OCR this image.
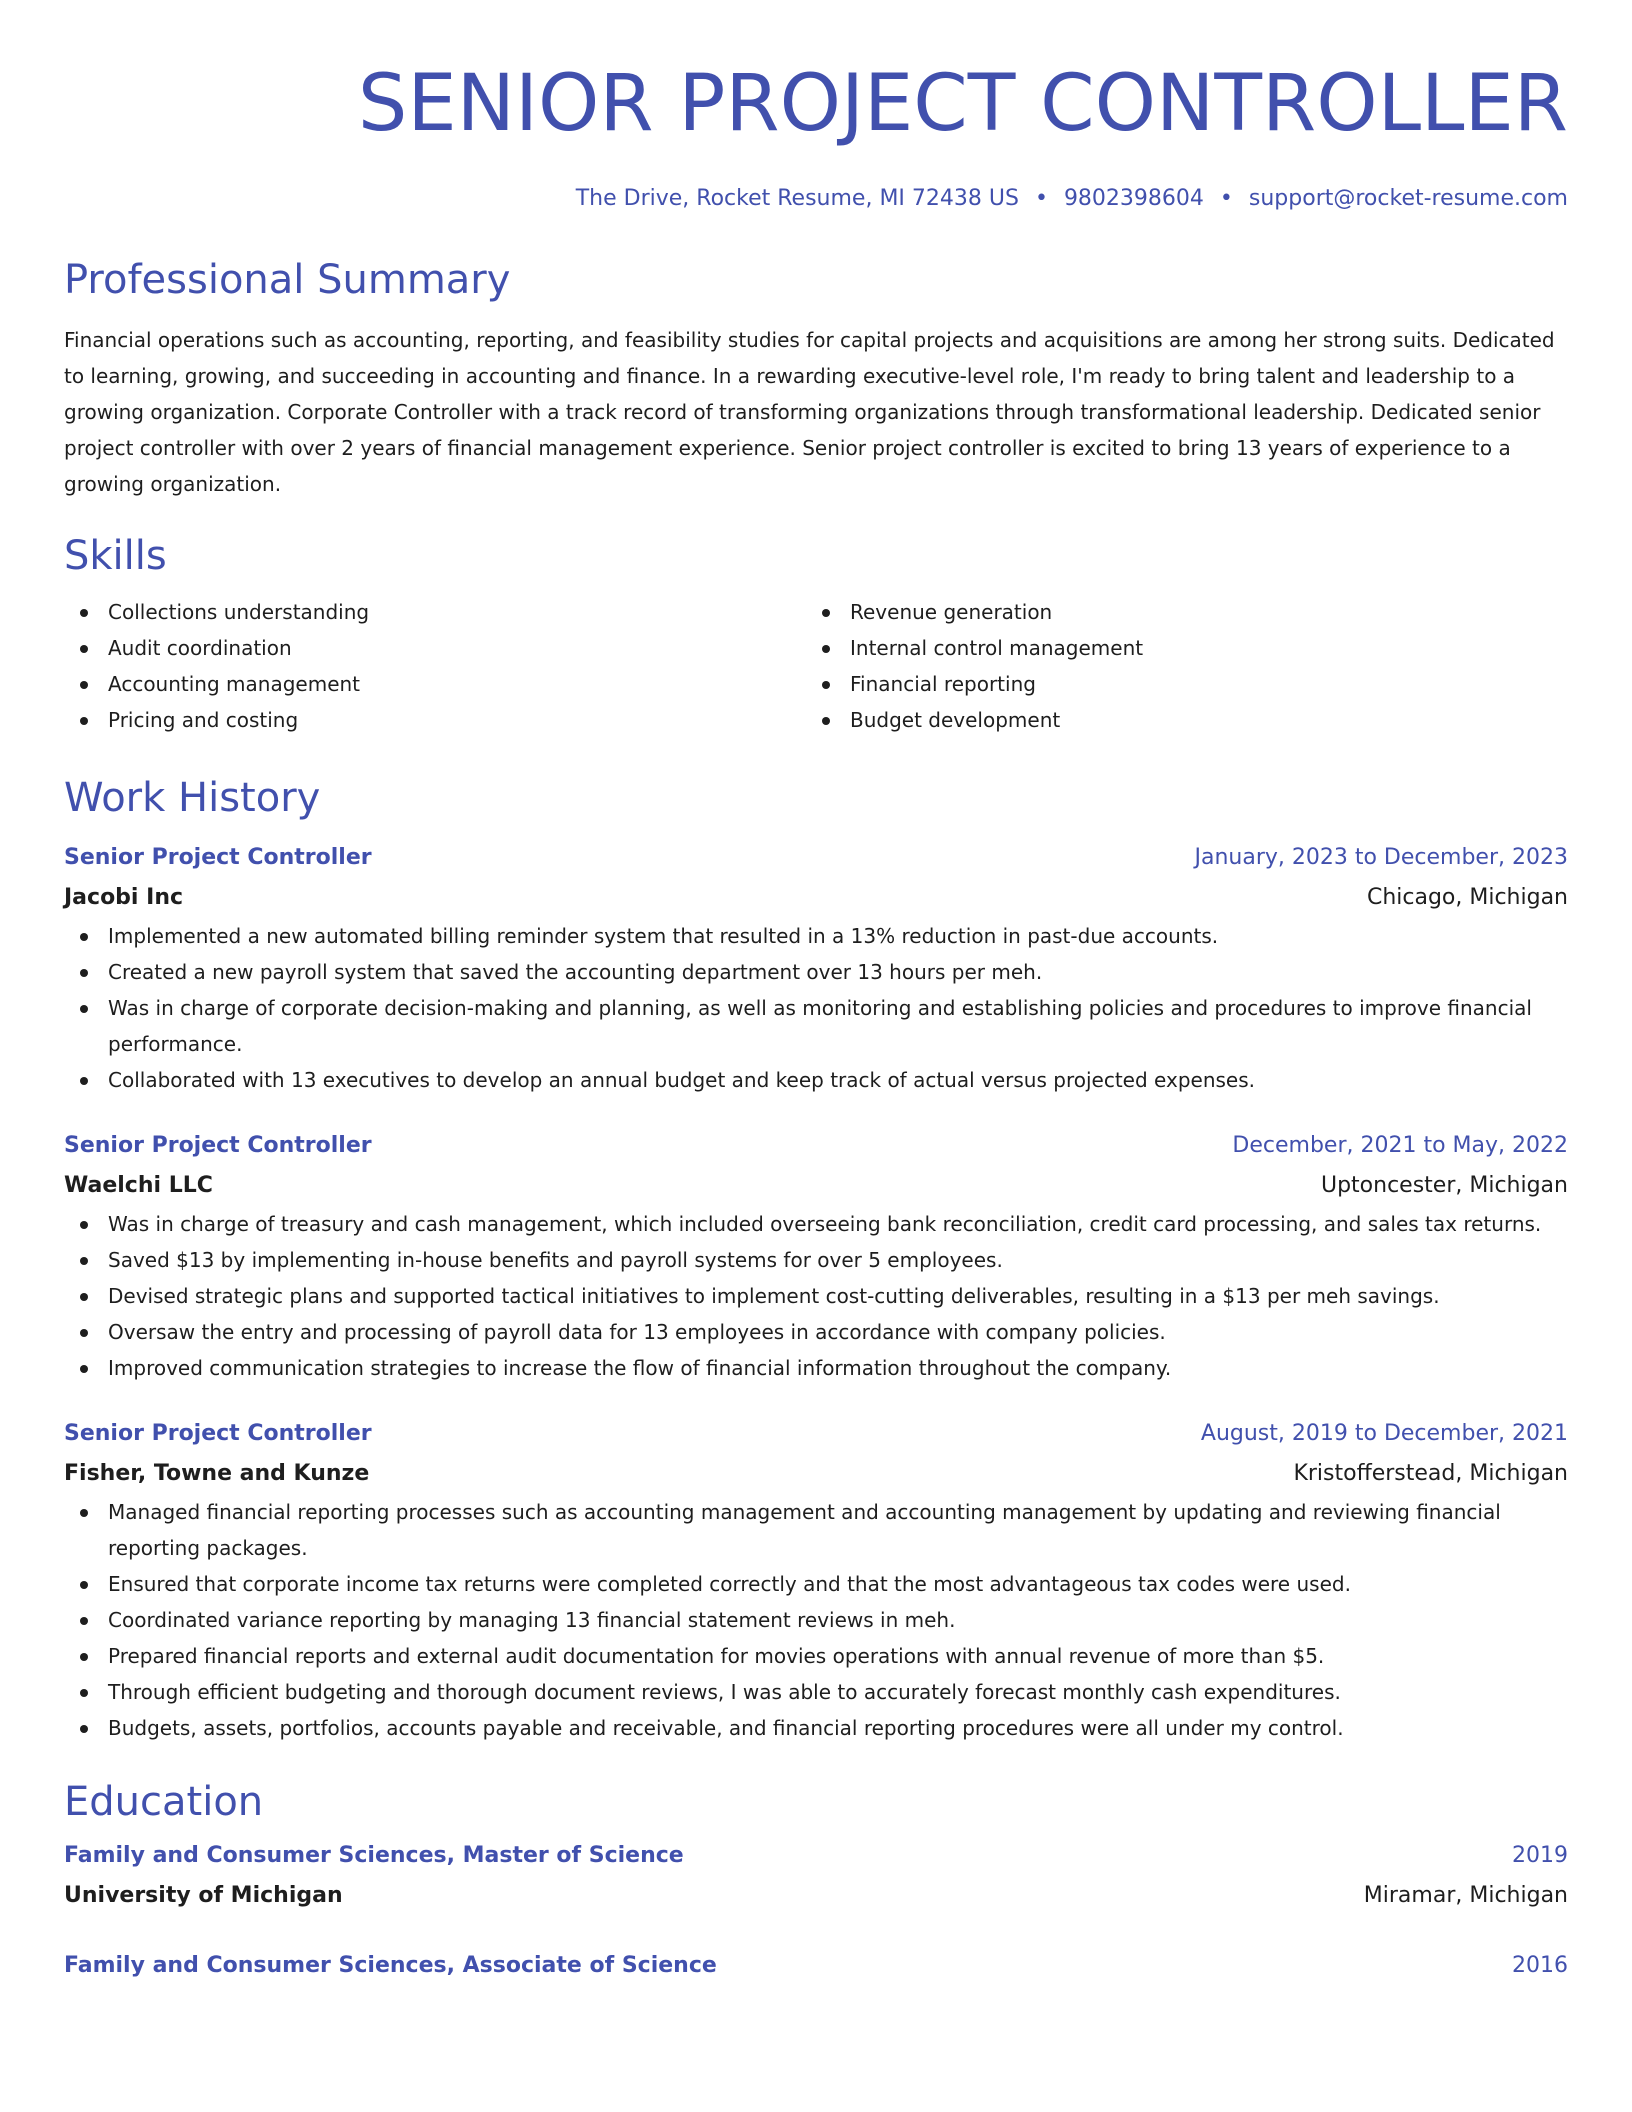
SENIOR PROJECT CONTROLLER
The Drive, Rocket Resume, MI 72438 US • 9802398604 • support@rocket-resume.com
Professional Summary
Financial operations such as accounting, reporting, and feasibility studies for capital projects and acquisitions are among her strong suits. Dedicated to learning, growing, and succeeding in accounting and finance. In a rewarding executive-level role, I'm ready to bring talent and leadership to a growing organization. Corporate Controller with a track record of transforming organizations through transformational leadership. Dedicated senior project controller with over 2 years of financial management experience. Senior project controller is excited to bring 13 years of experience to a growing organization.
Skills
Collections understanding
Audit coordination
Accounting management
Pricing and costing
Revenue generation
Internal control management
Financial reporting
Budget development
Work History
Senior Project Controller	January, 2023 to December, 2023
Jacobi Inc	Chicago, Michigan
Implemented a new automated billing reminder system that resulted in a 13% reduction in past-due accounts.
Created a new payroll system that saved the accounting department over 13 hours per meh.
Was in charge of corporate decision-making and planning, as well as monitoring and establishing policies and procedures to improve financial performance.
Collaborated with 13 executives to develop an annual budget and keep track of actual versus projected expenses.
Senior Project Controller	December, 2021 to May, 2022
Waelchi LLC	Uptoncester, Michigan
Was in charge of treasury and cash management, which included overseeing bank reconciliation, credit card processing, and sales tax returns.
Saved $13 by implementing in-house benefits and payroll systems for over 5 employees.
Devised strategic plans and supported tactical initiatives to implement cost-cutting deliverables, resulting in a $13 per meh savings.
Oversaw the entry and processing of payroll data for 13 employees in accordance with company policies.
Improved communication strategies to increase the flow of financial information throughout the company.
Senior Project Controller	August, 2019 to December, 2021
Fisher, Towne and Kunze	Kristofferstead, Michigan
Managed financial reporting processes such as accounting management and accounting management by updating and reviewing financial reporting packages.
Ensured that corporate income tax returns were completed correctly and that the most advantageous tax codes were used.
Coordinated variance reporting by managing 13 financial statement reviews in meh.
Prepared financial reports and external audit documentation for movies operations with annual revenue of more than $5.
Through efficient budgeting and thorough document reviews, I was able to accurately forecast monthly cash expenditures.
Budgets, assets, portfolios, accounts payable and receivable, and financial reporting procedures were all under my control.
Education
Family and Consumer Sciences, Master of Science	2019
University of Michigan	Miramar, Michigan
Family and Consumer Sciences, Associate of Science	2016
